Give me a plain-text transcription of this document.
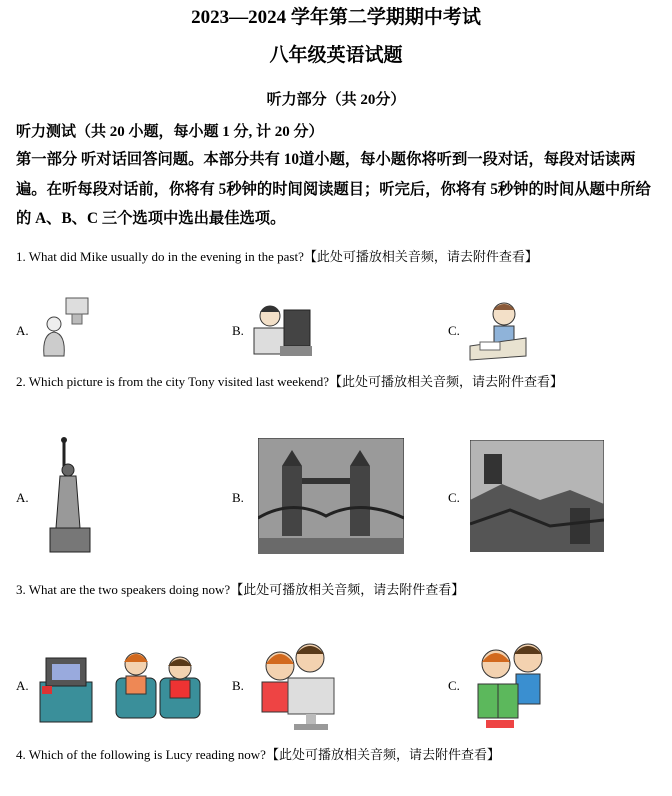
2023—2024 学年第二学期期中考试
八年级英语试题
听力部分（共 20分）
听力测试（共 20 小题，每小题 1 分, 计 20 分）
第一部分 听对话回答问题。本部分共有 10道小题，每小题你将听到一段对话，每段对话读两遍。在听每段对话前，你将有 5秒钟的时间阅读题目；听完后，你将有 5秒钟的时间从题中所给的 A、B、C 三个选项中选出最佳选项。
1. What did Mike usually do in the evening in the past?【此处可播放相关音频，请去附件查看】
A.	B.	C.
2. Which picture is from the city Tony visited last weekend?【此处可播放相关音频，请去附件查看】
A.	B.	C.
3. What are the two speakers doing now?【此处可播放相关音频，请去附件查看】
A.	B.	C.
4. Which of the following is Lucy reading now?【此处可播放相关音频，请去附件查看】
